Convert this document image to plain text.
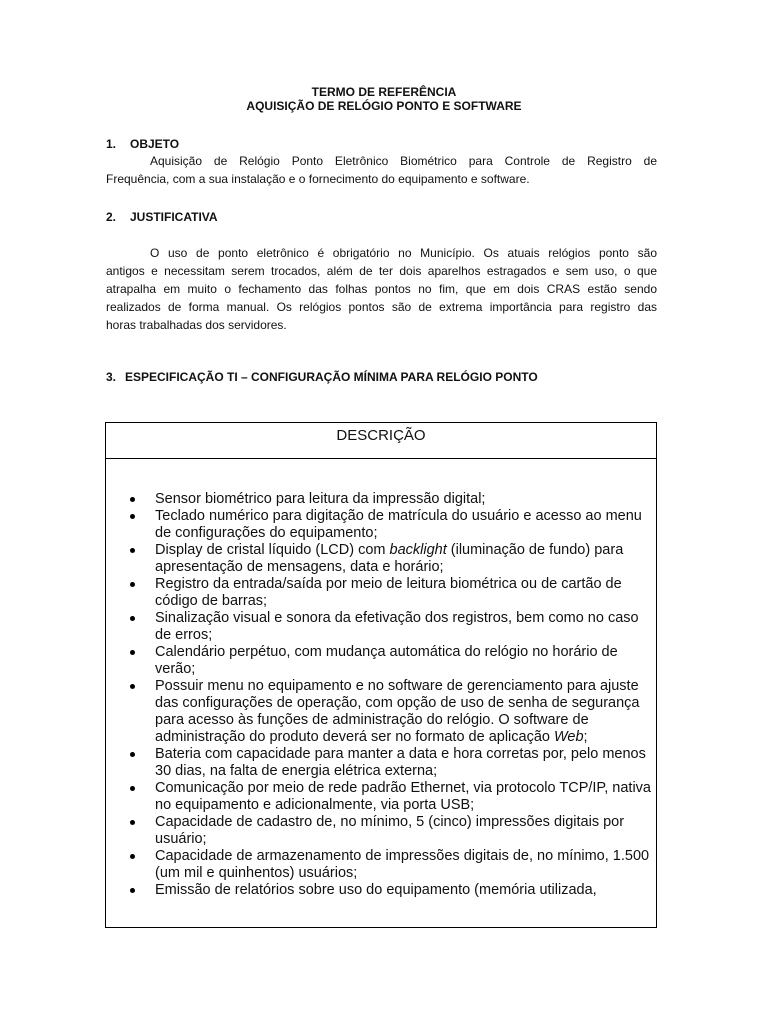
TERMO DE REFERÊNCIA
AQUISIÇÃO DE RELÓGIO PONTO E SOFTWARE
1. OBJETO
Aquisição de Relógio Ponto Eletrônico Biométrico para Controle de Registro de
Frequência, com a sua instalação e o fornecimento do equipamento e software.
2. JUSTIFICATIVA
O uso de ponto eletrônico é obrigatório no Município. Os atuais relógios ponto são
antigos e necessitam serem trocados, além de ter dois aparelhos estragados e sem uso, o que
atrapalha em muito o fechamento das folhas pontos no fim, que em dois CRAS estão sendo
realizados de forma manual. Os relógios pontos são de extrema importância para registro das
horas trabalhadas dos servidores.
3. ESPECIFICAÇÃO TI – CONFIGURAÇÃO MÍNIMA PARA RELÓGIO PONTO
DESCRIÇÃO
Sensor biométrico para leitura da impressão digital;
Teclado numérico para digitação de matrícula do usuário e acesso ao menu de configurações do equipamento;
Display de cristal líquido (LCD) com backlight (iluminação de fundo) para apresentação de mensagens, data e horário;
Registro da entrada/saída por meio de leitura biométrica ou de cartão de código de barras;
Sinalização visual e sonora da efetivação dos registros, bem como no caso de erros;
Calendário perpétuo, com mudança automática do relógio no horário de verão;
Possuir menu no equipamento e no software de gerenciamento para ajuste das configurações de operação, com opção de uso de senha de segurança para acesso às funções de administração do relógio. O software de administração do produto deverá ser no formato de aplicação Web;
Bateria com capacidade para manter a data e hora corretas por, pelo menos 30 dias, na falta de energia elétrica externa;
Comunicação por meio de rede padrão Ethernet, via protocolo TCP/IP, nativa no equipamento e adicionalmente, via porta USB;
Capacidade de cadastro de, no mínimo, 5 (cinco) impressões digitais por usuário;
Capacidade de armazenamento de impressões digitais de, no mínimo, 1.500 (um mil e quinhentos) usuários;
Emissão de relatórios sobre uso do equipamento (memória utilizada,
